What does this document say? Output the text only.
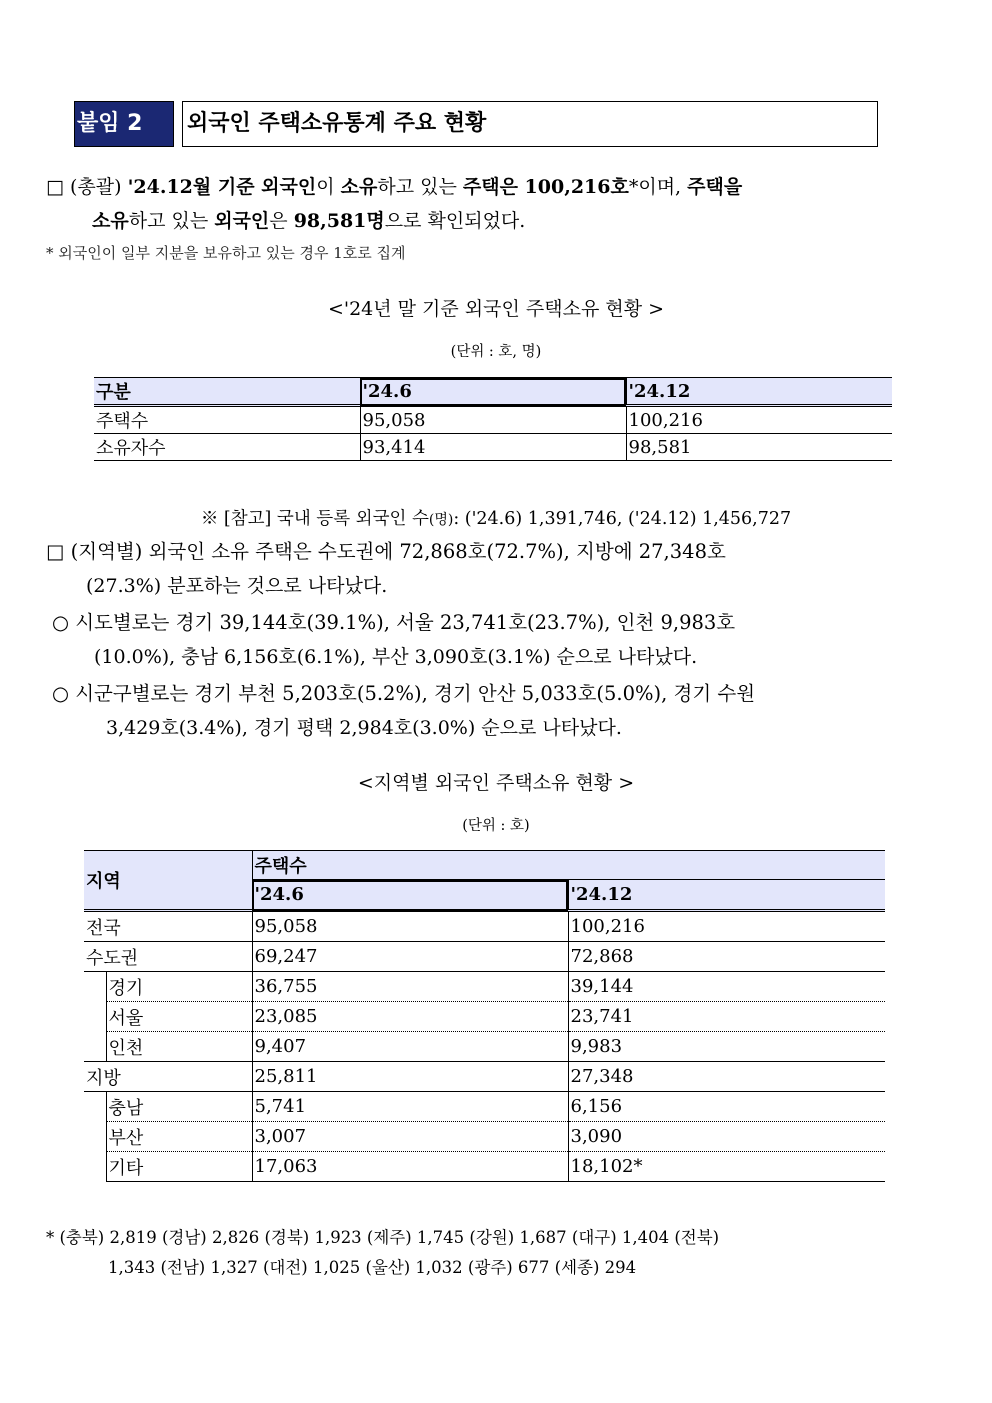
붙임 2	외국인 주택소유통계 주요 현황
□ (총괄) '24.12월 기준 외국인이 소유하고 있는 주택은 100,216호*이며, 주택을
소유하고 있는 외국인은 98,581명으로 확인되었다.
* 외국인이 일부 지분을 보유하고 있는 경우 1호로 집계
<'24년 말 기준 외국인 주택소유 현황 >
(단위 : 호, 명)
구분	'24.6	'24.12
주택수	95,058	100,216
소유자수	93,414	98,581
※ [참고] 국내 등록 외국인 수(명): ('24.6) 1,391,746, ('24.12) 1,456,727
□ (지역별) 외국인 소유 주택은 수도권에 72,868호(72.7%), 지방에 27,348호
(27.3%) 분포하는 것으로 나타났다.
○ 시도별로는 경기 39,144호(39.1%), 서울 23,741호(23.7%), 인천 9,983호
(10.0%), 충남 6,156호(6.1%), 부산 3,090호(3.1%) 순으로 나타났다.
○ 시군구별로는 경기 부천 5,203호(5.2%), 경기 안산 5,033호(5.0%), 경기 수원
3,429호(3.4%), 경기 평택 2,984호(3.0%) 순으로 나타났다.
<지역별 외국인 주택소유 현황 >
(단위 : 호)
지역		주택수	
		'24.6	'24.12
전국		95,058	100,216
수도권		69,247	72,868
	경기	36,755	39,144
	서울	23,085	23,741
	인천	9,407	9,983
지방		25,811	27,348
	충남	5,741	6,156
	부산	3,007	3,090
	기타	17,063	18,102*
* (충북) 2,819 (경남) 2,826 (경북) 1,923 (제주) 1,745 (강원) 1,687 (대구) 1,404 (전북)
1,343 (전남) 1,327 (대전) 1,025 (울산) 1,032 (광주) 677 (세종) 294
